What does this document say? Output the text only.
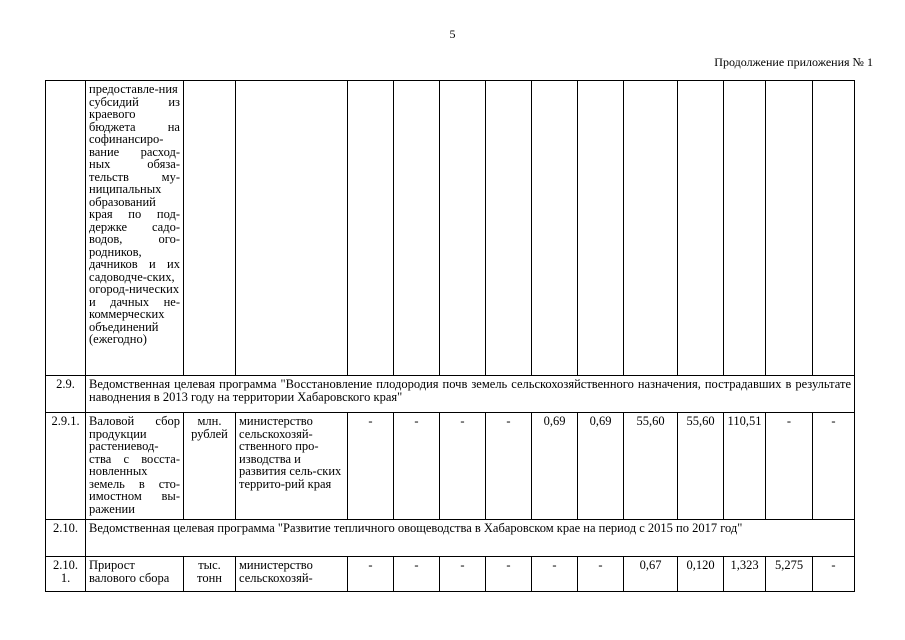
5
Продолжение приложения № 1
	предоставле-ния субсидий из краевого бюджета на софинансиро-вание расход-ных обяза-тельств му-ниципальных образований края по под-держке садо-водов, ого-родников, дачников и их садоводче-ских, огород-нических и дачных не-коммерческих объединений (ежегодно)													
2.9.	Ведомственная целевая программа "Восстановление плодородия почв земель сельскохозяйственного назначения, пострадавших в результате наводнения в 2013 году на территории Хабаровского края"													
2.9.1.	Валовой сбор продукции растениевод-ства с восста-новленных земель в сто-имостном вы-ражении	млн. рублей	министерство сельскохозяй-ственного про-изводства и развития сель-ских террито-рий края	-	-	-	-	0,69	0,69	55,60	55,60	110,51	-	-
2.10.	Ведомственная целевая программа "Развитие тепличного овощеводства в Хабаровском крае на период с 2015 по 2017 год"													
2.10.1.	Прирост валового сбора	тыс. тонн	министерство сельскохозяй-	-	-	-	-	-	-	0,67	0,120	1,323	5,275	-
